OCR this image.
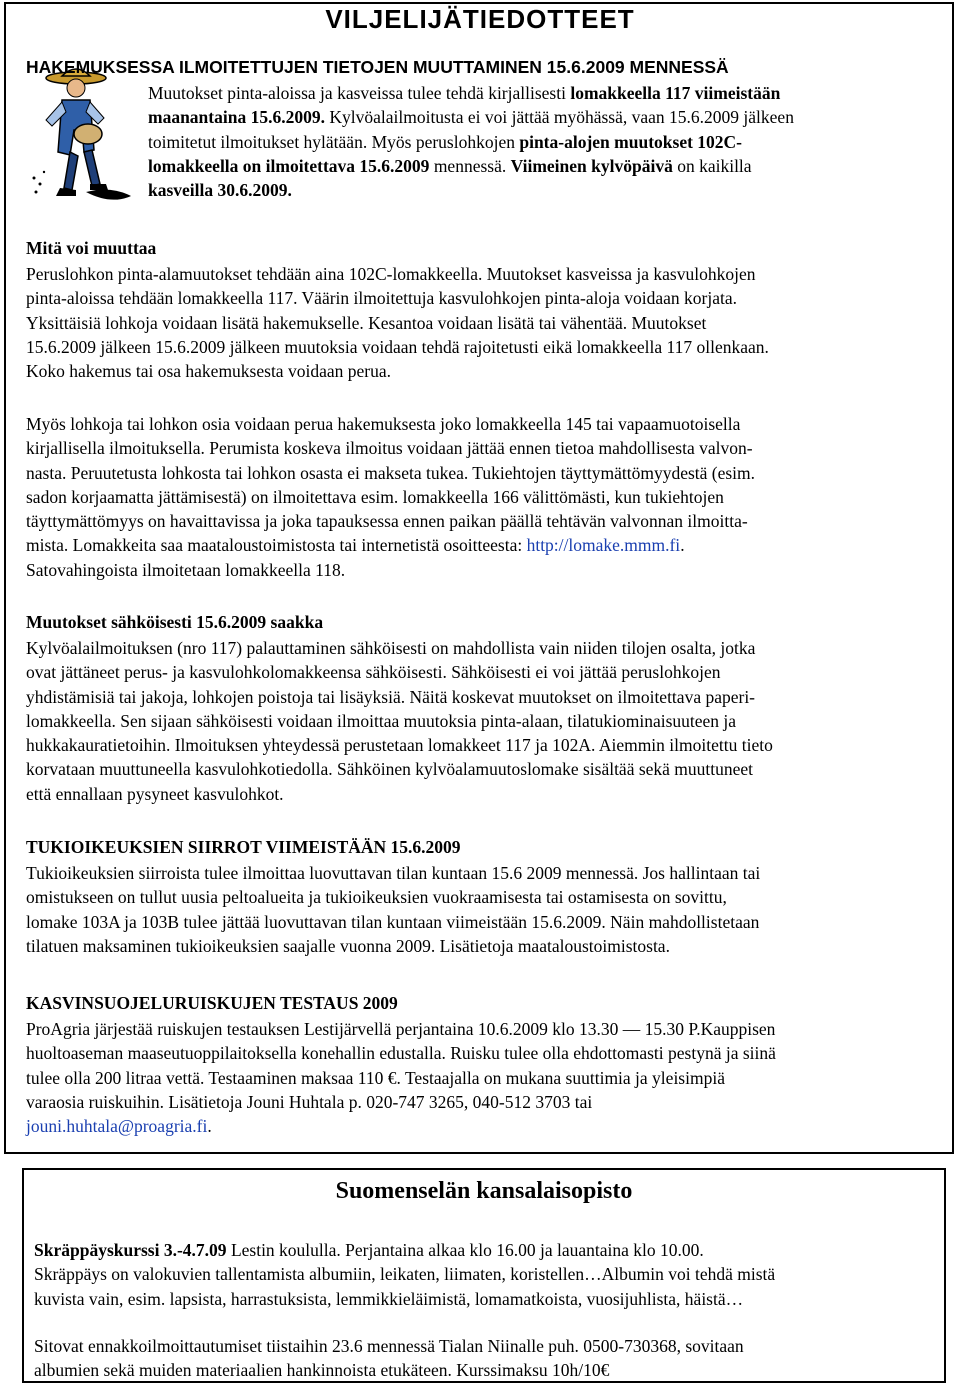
VILJELIJÄTIEDOTTEET
HAKEMUKSESSA ILMOITETTUJEN TIETOJEN MUUTTAMINEN 15.6.2009 MENNESSÄ
Muutokset pinta-aloissa ja kasveissa tulee tehdä kirjallisesti lomakkeella 117 viimeistään
maanantaina 15.6.2009. Kylvöalailmoitusta ei voi jättää myöhässä, vaan 15.6.2009 jälkeen
toimitetut ilmoitukset hylätään. Myös peruslohkojen pinta-alojen muutokset 102C-
lomakkeella on ilmoitettava 15.6.2009 mennessä. Viimeinen kylvöpäivä on kaikilla
kasveilla 30.6.2009.
Mitä voi muuttaa
Peruslohkon pinta-alamuutokset tehdään aina 102C-lomakkeella. Muutokset kasveissa ja kasvulohkojen
pinta-aloissa tehdään lomakkeella 117. Väärin ilmoitettuja kasvulohkojen pinta-aloja voidaan korjata.
Yksittäisiä lohkoja voidaan lisätä hakemukselle. Kesantoa voidaan lisätä tai vähentää. Muutokset
15.6.2009 jälkeen 15.6.2009 jälkeen muutoksia voidaan tehdä rajoitetusti eikä lomakkeella 117 ollenkaan.
Koko hakemus tai osa hakemuksesta voidaan perua.
Myös lohkoja tai lohkon osia voidaan perua hakemuksesta joko lomakkeella 145 tai vapaamuotoisella
kirjallisella ilmoituksella. Perumista koskeva ilmoitus voidaan jättää ennen tietoa mahdollisesta valvon-
nasta. Peruutetusta lohkosta tai lohkon osasta ei makseta tukea. Tukiehtojen täyttymättömyydestä (esim.
sadon korjaamatta jättämisestä) on ilmoitettava esim. lomakkeella 166 välittömästi, kun tukiehtojen
täyttymättömyys on havaittavissa ja joka tapauksessa ennen paikan päällä tehtävän valvonnan ilmoitta-
mista. Lomakkeita saa maataloustoimistosta tai internetistä osoitteesta: http://lomake.mmm.fi.
Satovahingoista ilmoitetaan lomakkeella 118.
Muutokset sähköisesti 15.6.2009 saakka
Kylvöalailmoituksen (nro 117) palauttaminen sähköisesti on mahdollista vain niiden tilojen osalta, jotka
ovat jättäneet perus- ja kasvulohkolomakkeensa sähköisesti. Sähköisesti ei voi jättää peruslohkojen
yhdistämisiä tai jakoja, lohkojen poistoja tai lisäyksiä. Näitä koskevat muutokset on ilmoitettava paperi-
lomakkeella. Sen sijaan sähköisesti voidaan ilmoittaa muutoksia pinta-alaan, tilatukiominaisuuteen ja
hukkakauratietoihin. Ilmoituksen yhteydessä perustetaan lomakkeet 117 ja 102A. Aiemmin ilmoitettu tieto
korvataan muuttuneella kasvulohkotiedolla. Sähköinen kylvöalamuutoslomake sisältää sekä muuttuneet
että ennallaan pysyneet kasvulohkot.
TUKIOIKEUKSIEN SIIRROT VIIMEISTÄÄN 15.6.2009
Tukioikeuksien siirroista tulee ilmoittaa luovuttavan tilan kuntaan 15.6 2009 mennessä. Jos hallintaan tai
omistukseen on tullut uusia peltoalueita ja tukioikeuksien vuokraamisesta tai ostamisesta on sovittu,
lomake 103A ja 103B tulee jättää luovuttavan tilan kuntaan viimeistään 15.6.2009. Näin mahdollistetaan
tilatuen maksaminen tukioikeuksien saajalle vuonna 2009. Lisätietoja maataloustoimistosta.
KASVINSUOJELURUISKUJEN TESTAUS 2009
ProAgria järjestää ruiskujen testauksen Lestijärvellä perjantaina 10.6.2009 klo 13.30 — 15.30 P.Kauppisen
huoltoaseman maaseutuoppilaitoksella konehallin edustalla. Ruisku tulee olla ehdottomasti pestynä ja siinä
tulee olla 200 litraa vettä. Testaaminen maksaa 110 €. Testaajalla on mukana suuttimia ja yleisimpiä
varaosia ruiskuihin. Lisätietoja Jouni Huhtala p. 020-747 3265, 040-512 3703 tai
jouni.huhtala@proagria.fi.
Suomenselän kansalaisopisto
Skräppäyskurssi 3.-4.7.09 Lestin koululla. Perjantaina alkaa klo 16.00 ja lauantaina klo 10.00.
Skräppäys on valokuvien tallentamista albumiin, leikaten, liimaten, koristellen…Albumin voi tehdä mistä
kuvista vain, esim. lapsista, harrastuksista, lemmikkieläimistä, lomamatkoista, vuosijuhlista, häistä…
Sitovat ennakkoilmoittautumiset tiistaihin 23.6 mennessä Tialan Niinalle puh. 0500-730368, sovitaan
albumien sekä muiden materiaalien hankinnoista etukäteen. Kurssimaksu 10h/10€
